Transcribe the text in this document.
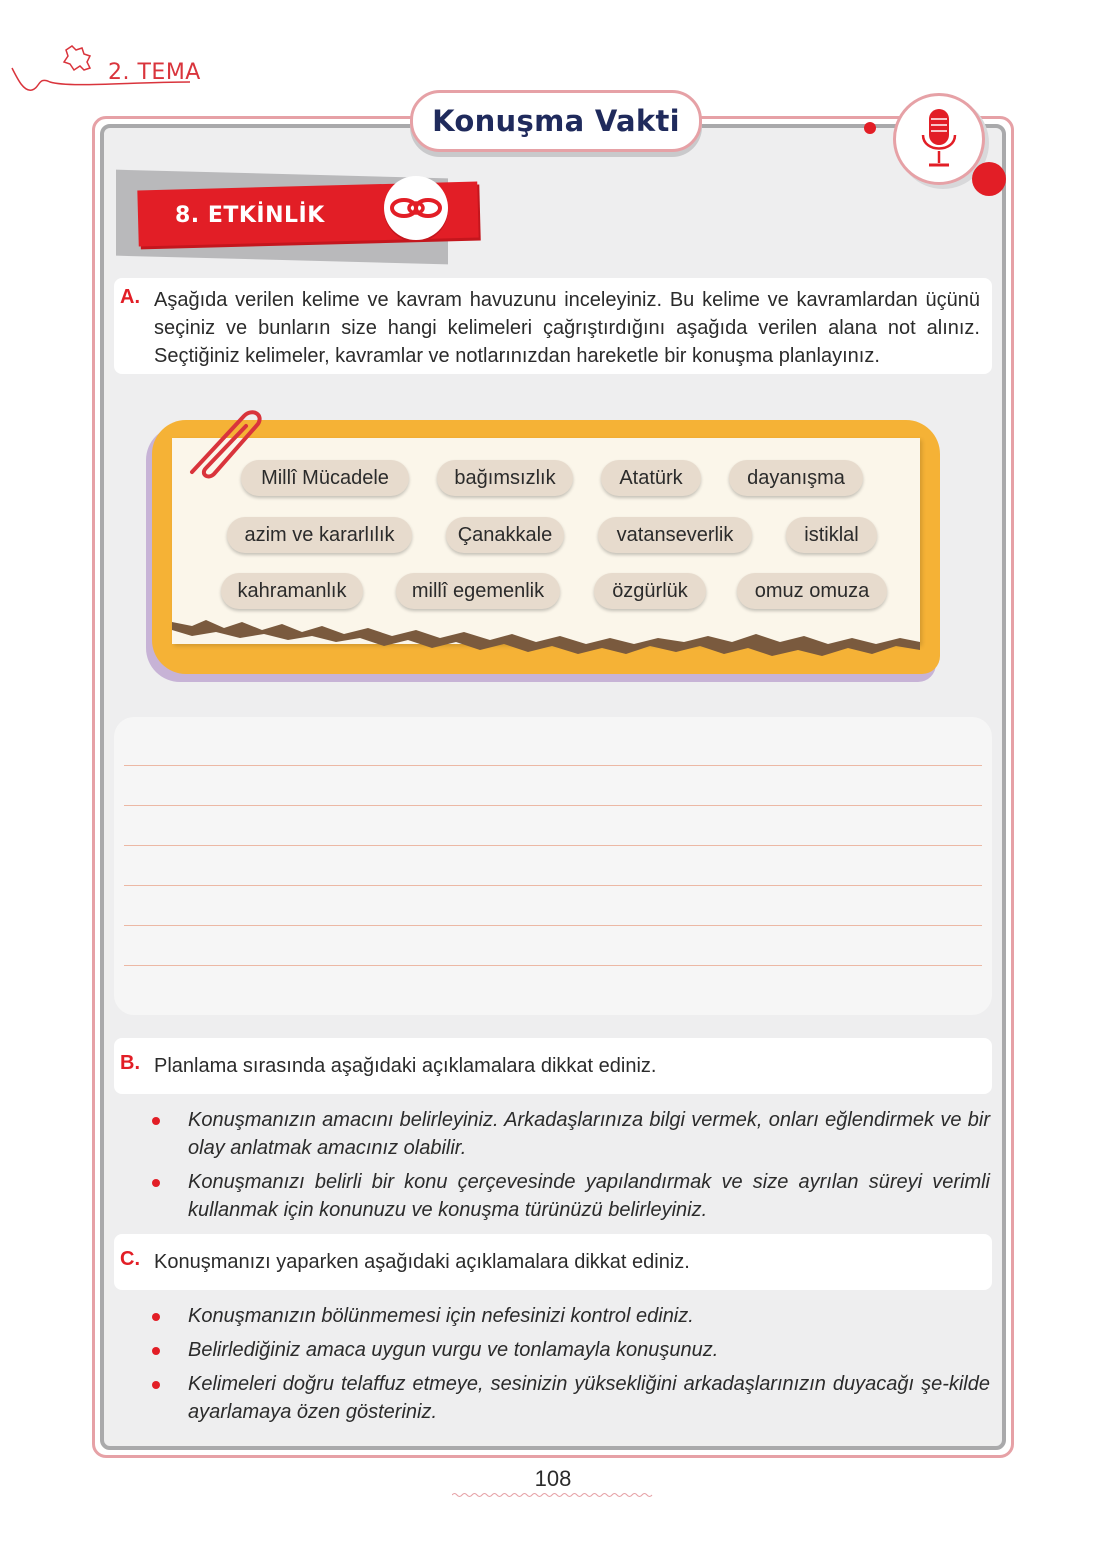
2. TEMA
Konuşma Vakti
8. ETKİNLİK
A. Aşağıda verilen kelime ve kavram havuzunu inceleyiniz. Bu kelime ve kavramlardan üçünü seçiniz ve bunların size hangi kelimeleri çağrıştırdığını aşağıda verilen alana not alınız. Seçtiğiniz kelimeler, kavramlar ve notlarınızdan hareketle bir konuşma planlayınız.

Millî Mücadele	bağımsızlık	Atatürk	dayanışma
azim ve kararlılık	Çanakkale	vatanseverlik	istiklal
kahramanlık	millî egemenlik	özgürlük	omuz omuza
B. Planlama sırasında aşağıdaki açıklamalara dikkat ediniz.

Konuşmanızın amacını belirleyiniz. Arkadaşlarınıza bilgi vermek, onları eğlendirmek ve bir olay anlatmak amacınız olabilir.
Konuşmanızı belirli bir konu çerçevesinde yapılandırmak ve size ayrılan süreyi verimli kullanmak için konunuzu ve konuşma türünüzü belirleyiniz.
C. Konuşmanızı yaparken aşağıdaki açıklamalara dikkat ediniz.

Konuşmanızın bölünmemesi için nefesinizi kontrol ediniz.
Belirlediğiniz amaca uygun vurgu ve tonlamayla konuşunuz.
Kelimeleri doğru telaffuz etmeye, sesinizin yüksekliğini arkadaşlarınızın duyacağı şe-kilde ayarlamaya özen gösteriniz.
108
